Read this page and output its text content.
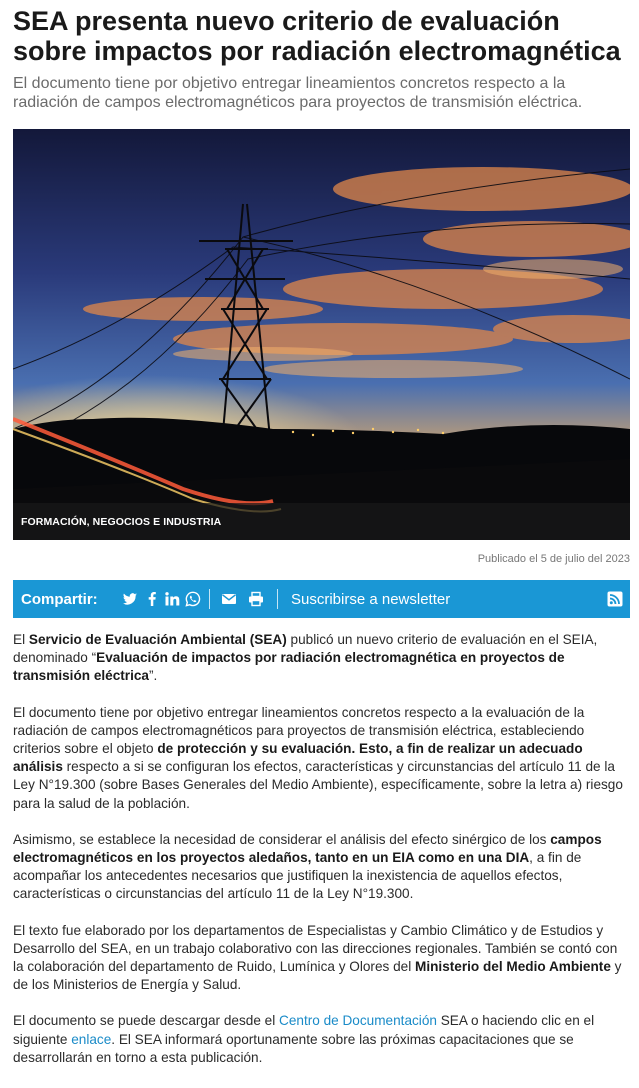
SEA presenta nuevo criterio de evaluación sobre impactos por radiación electromagnética
El documento tiene por objetivo entregar lineamientos concretos respecto a la radiación de campos electromagnéticos para proyectos de transmisión eléctrica.
FORMACIÓN, NEGOCIOS E INDUSTRIA
Publicado el 5 de julio del 2023
Compartir:	Suscribirse a newsletter

El Servicio de Evaluación Ambiental (SEA) publicó un nuevo criterio de evaluación en el SEIA, denominado “Evaluación de impactos por radiación electromagnética en proyectos de transmisión eléctrica”.

El documento tiene por objetivo entregar lineamientos concretos respecto a la evaluación de la radiación de campos electromagnéticos para proyectos de transmisión eléctrica, estableciendo criterios sobre el objeto de protección y su evaluación. Esto, a fin de realizar un adecuado análisis respecto a si se configuran los efectos, características y circunstancias del artículo 11 de la Ley N°19.300 (sobre Bases Generales del Medio Ambiente), específicamente, sobre la letra a) riesgo para la salud de la población.

Asimismo, se establece la necesidad de considerar el análisis del efecto sinérgico de los campos electromagnéticos en los proyectos aledaños, tanto en un EIA como en una DIA, a fin de acompañar los antecedentes necesarios que justifiquen la inexistencia de aquellos efectos, características o circunstancias del artículo 11 de la Ley N°19.300.

El texto fue elaborado por los departamentos de Especialistas y Cambio Climático y de Estudios y Desarrollo del SEA, en un trabajo colaborativo con las direcciones regionales. También se contó con la colaboración del departamento de Ruido, Lumínica y Olores del Ministerio del Medio Ambiente y de los Ministerios de Energía y Salud.

El documento se puede descargar desde el Centro de Documentación SEA o haciendo clic en el siguiente enlace. El SEA informará oportunamente sobre las próximas capacitaciones que se desarrollarán en torno a esta publicación.
